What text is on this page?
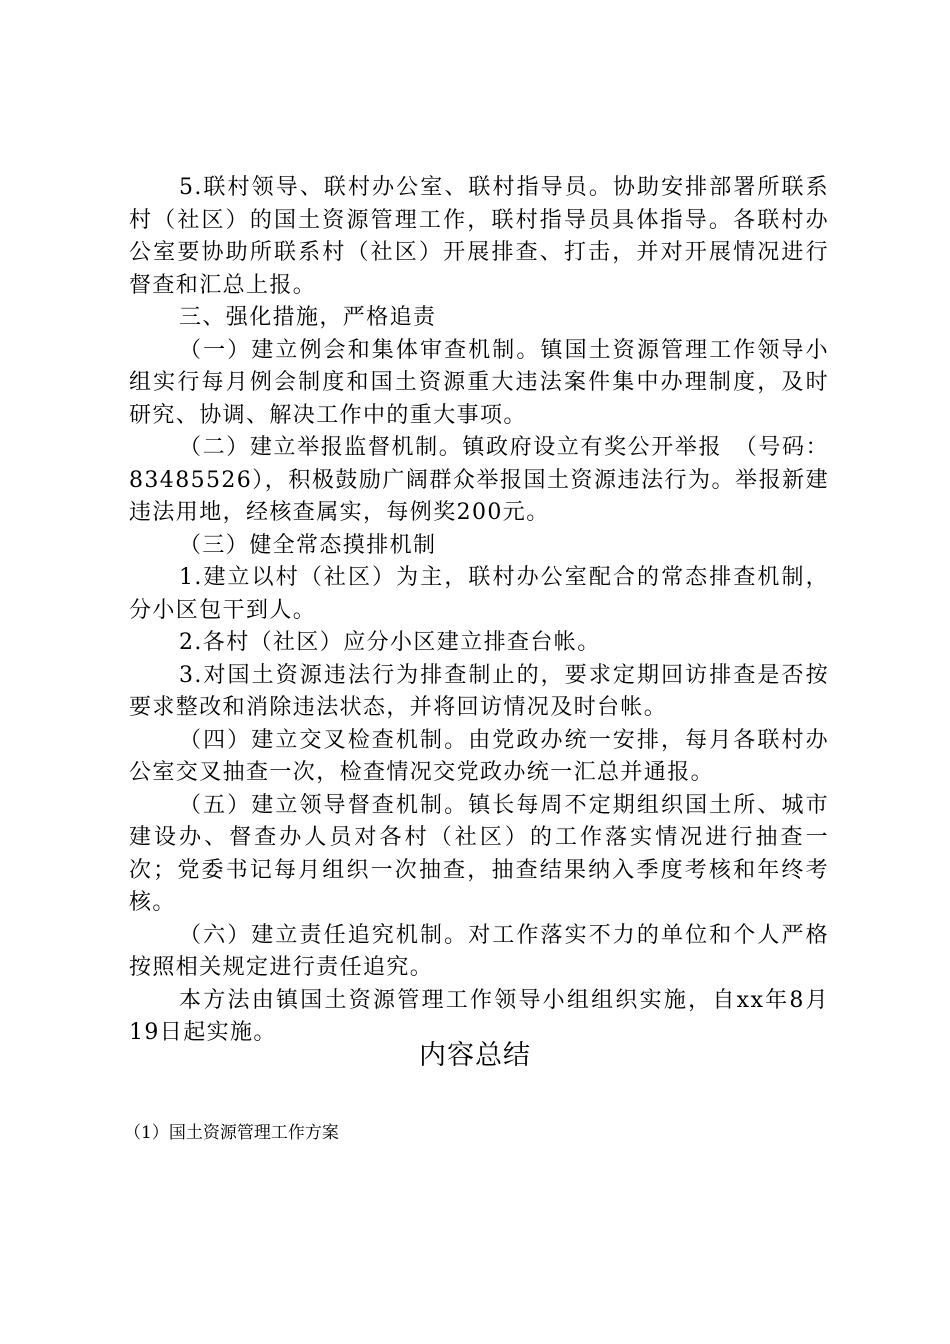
5.联村领导、联村办公室、联村指导员。协助安排部署所联系村（社区）的国土资源管理工作，联村指导员具体指导。各联村办公室要协助所联系村（社区）开展排查、打击，并对开展情况进行督查和汇总上报。

三、强化措施，严格追责

（一）建立例会和集体审查机制。镇国土资源管理工作领导小组实行每月例会制度和国土资源重大违法案件集中办理制度，及时研究、协调、解决工作中的重大事项。

（二）建立举报监督机制。镇政府设立有奖公开举报　（号码：83485526），积极鼓励广阔群众举报国土资源违法行为。举报新建违法用地，经核查属实，每例奖200元。

（三）健全常态摸排机制

1.建立以村（社区）为主，联村办公室配合的常态排查机制，分小区包干到人。

2.各村（社区）应分小区建立排查台帐。

3.对国土资源违法行为排查制止的，要求定期回访排查是否按要求整改和消除违法状态，并将回访情况及时台帐。

（四）建立交叉检查机制。由党政办统一安排，每月各联村办公室交叉抽查一次，检查情况交党政办统一汇总并通报。

（五）建立领导督查机制。镇长每周不定期组织国土所、城市建设办、督查办人员对各村（社区）的工作落实情况进行抽查一次；党委书记每月组织一次抽查，抽查结果纳入季度考核和年终考核。

（六）建立责任追究机制。对工作落实不力的单位和个人严格按照相关规定进行责任追究。

本方法由镇国土资源管理工作领导小组组织实施，自xx年8月19日起实施。

内容总结

（1）国土资源管理工作方案
